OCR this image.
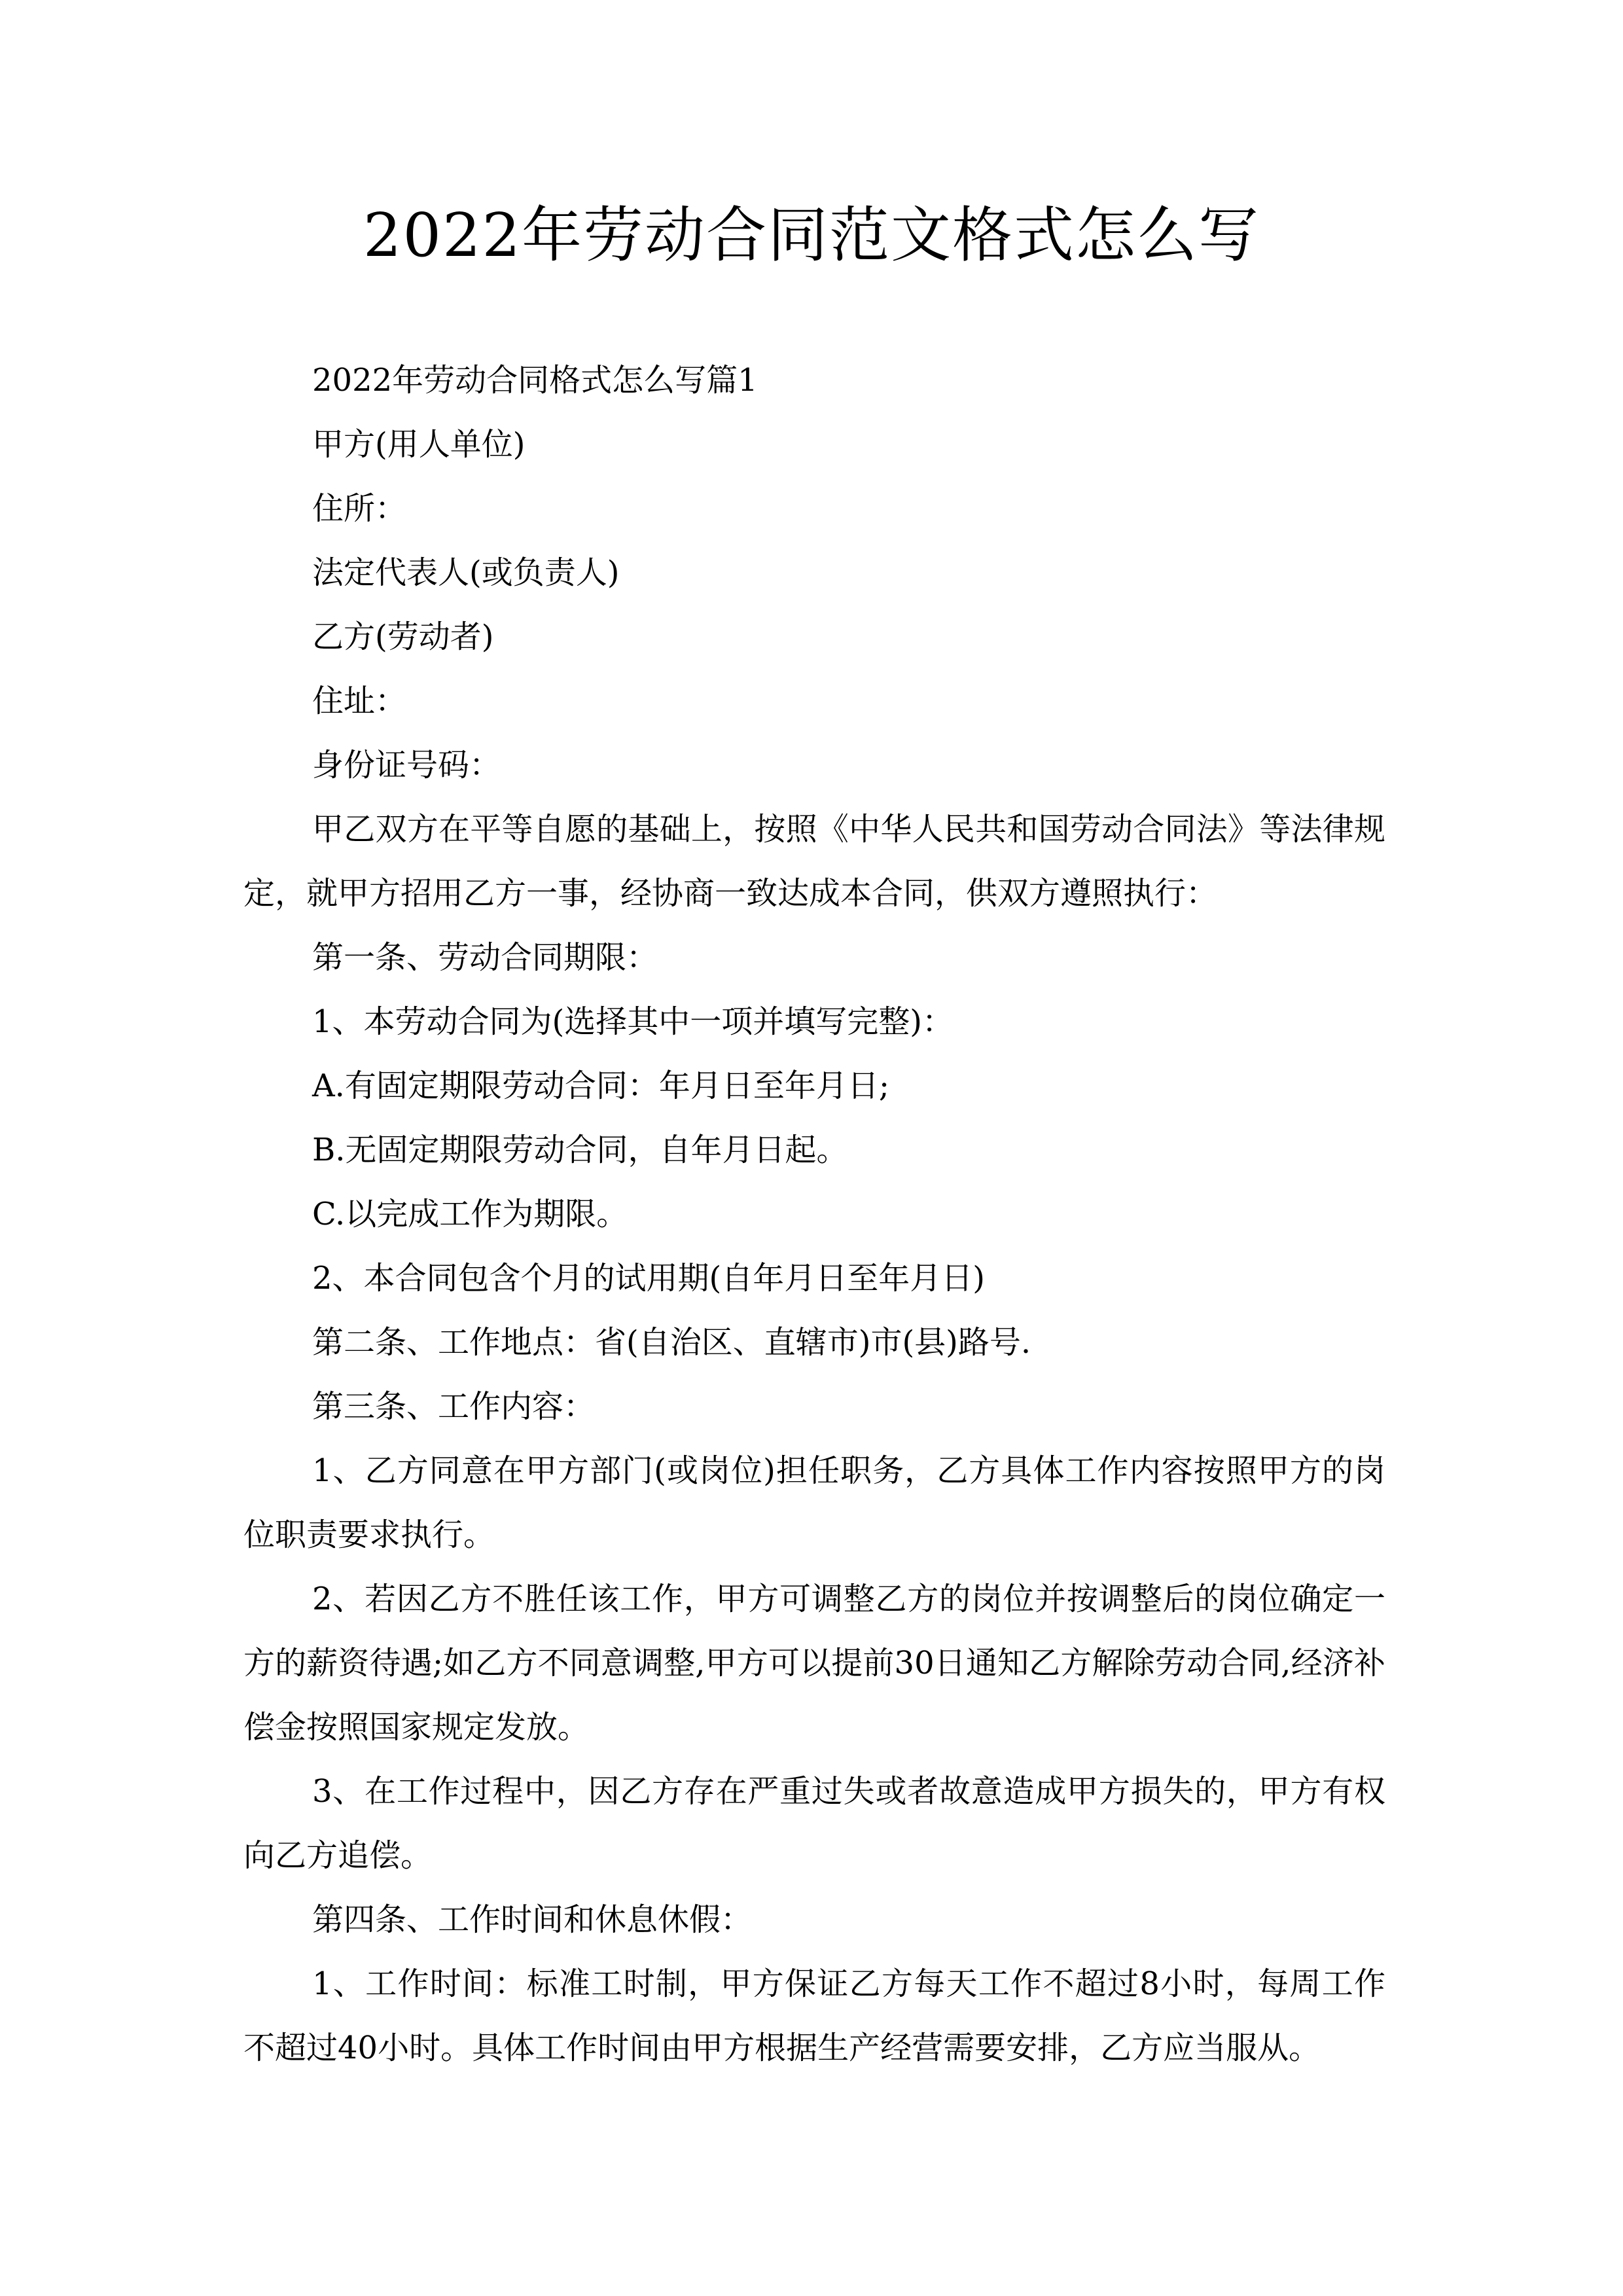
2022年劳动合同范文格式怎么写

2022年劳动合同格式怎么写篇1

甲方(用人单位)

住所：

法定代表人(或负责人)

乙方(劳动者)

住址：

身份证号码：

甲乙双方在平等自愿的基础上，按照《中华人民共和国劳动合同法》等法律规定，就甲方招用乙方一事，经协商一致达成本合同，供双方遵照执行：

第一条、劳动合同期限：

1、本劳动合同为(选择其中一项并填写完整)：

A.有固定期限劳动合同：年月日至年月日;

B.无固定期限劳动合同，自年月日起。

C.以完成工作为期限。

2、本合同包含个月的试用期(自年月日至年月日)

第二条、工作地点：省(自治区、直辖市)市(县)路号.

第三条、工作内容：

1、乙方同意在甲方部门(或岗位)担任职务，乙方具体工作内容按照甲方的岗位职责要求执行。

2、若因乙方不胜任该工作，甲方可调整乙方的岗位并按调整后的岗位确定一方的薪资待遇;如乙方不同意调整,甲方可以提前30日通知乙方解除劳动合同,经济补偿金按照国家规定发放。

3、在工作过程中，因乙方存在严重过失或者故意造成甲方损失的，甲方有权向乙方追偿。

第四条、工作时间和休息休假：

1、工作时间：标准工时制，甲方保证乙方每天工作不超过8小时，每周工作不超过40小时。具体工作时间由甲方根据生产经营需要安排，乙方应当服从。
